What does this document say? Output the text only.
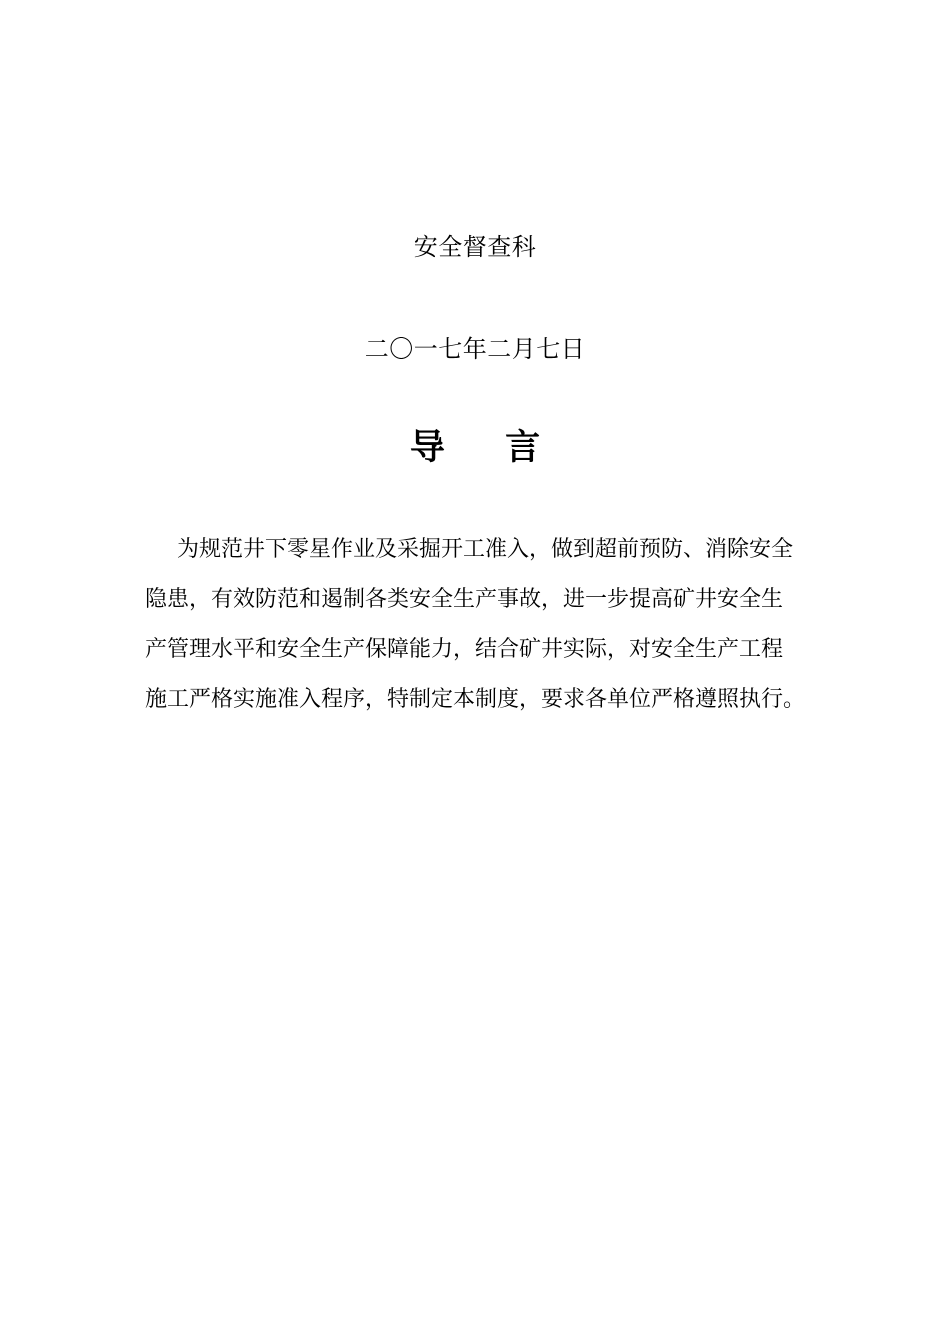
安全督查科
二〇一七年二月七日
导 言
为规范井下零星作业及采掘开工准入，做到超前预防、消除安全
隐患，有效防范和遏制各类安全生产事故，进一步提高矿井安全生
产管理水平和安全生产保障能力，结合矿井实际，对安全生产工程
施工严格实施准入程序，特制定本制度，要求各单位严格遵照执行。
